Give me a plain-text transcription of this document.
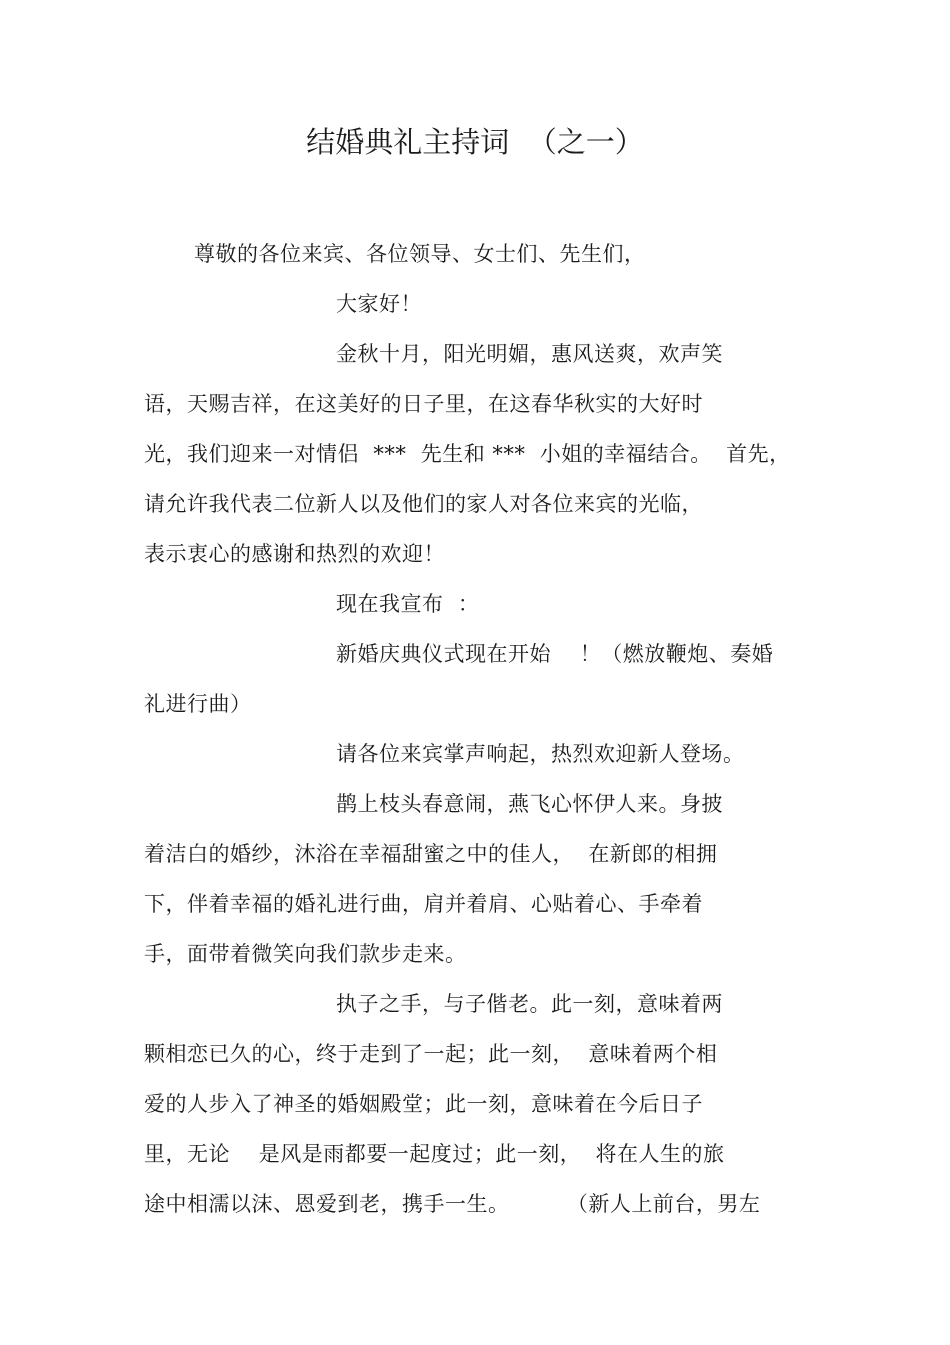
结婚典礼主持词  （之一）
尊敬的各位来宾、各位领导、女士们、先生们，
大家好！
金秋十月，阳光明媚，惠风送爽，欢声笑
语，天赐吉祥，在这美好的日子里，在这春华秋实的大好时
光，我们迎来一对情侣  ***  先生和 ***  小姐的幸福结合。  首先，
请允许我代表二位新人以及他们的家人对各位来宾的光临，
表示衷心的感谢和热烈的欢迎！
现在我宣布  ：
新婚庆典仪式现在开始    ！（燃放鞭炮、奏婚
礼进行曲）
请各位来宾掌声响起，热烈欢迎新人登场。
鹊上枝头春意闹，燕飞心怀伊人来。身披
着洁白的婚纱，沐浴在幸福甜蜜之中的佳人，  在新郎的相拥
下，伴着幸福的婚礼进行曲，肩并着肩、心贴着心、手牵着
手，面带着微笑向我们款步走来。
执子之手，与子偕老。此一刻，意味着两
颗相恋已久的心，终于走到了一起；此一刻，  意味着两个相
爱的人步入了神圣的婚姻殿堂；此一刻，意味着在今后日子
里，无论    是风是雨都要一起度过；此一刻，  将在人生的旅
途中相濡以沫、恩爱到老，携手一生。        （新人上前台，男左
